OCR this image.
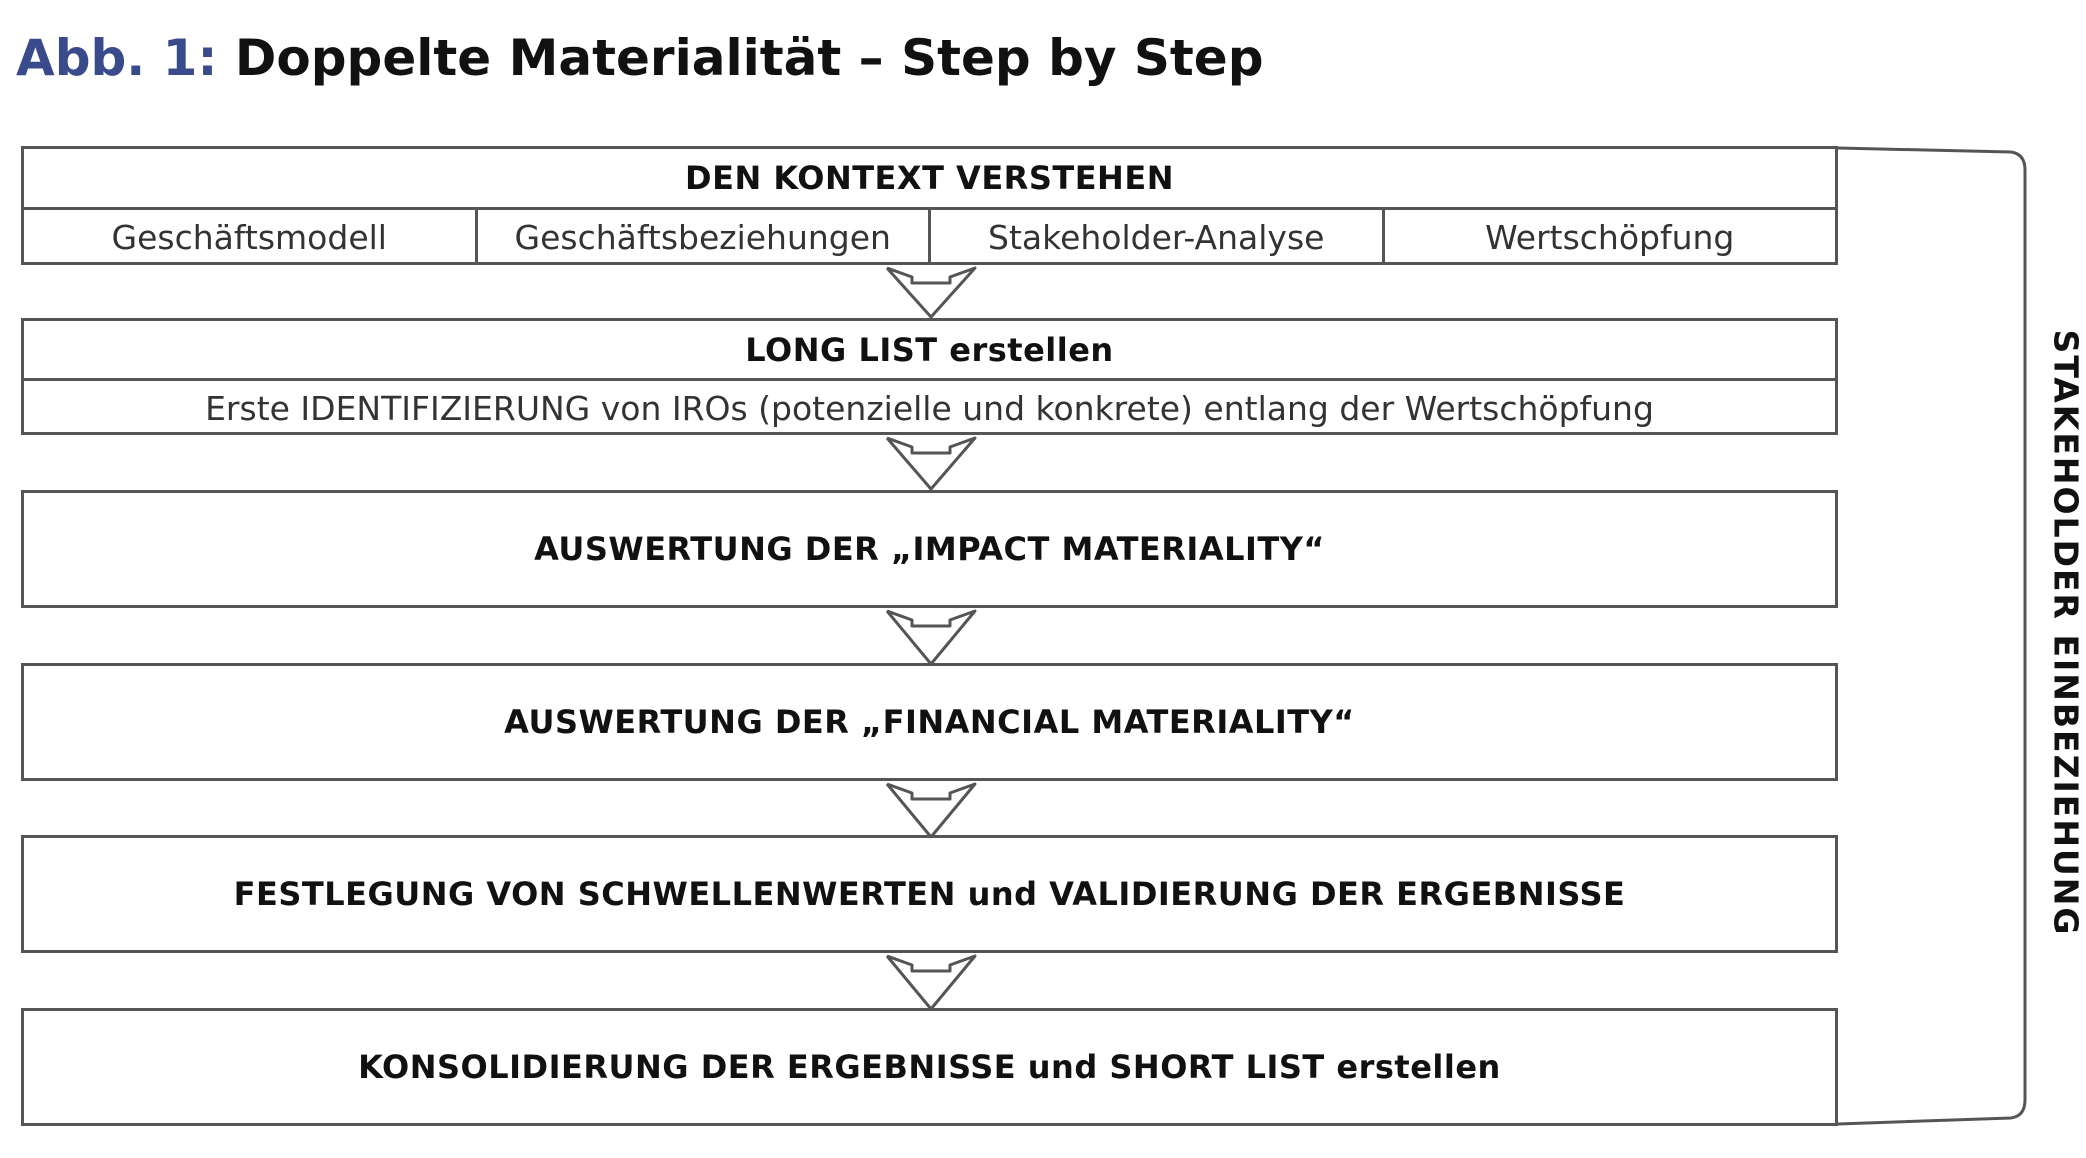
Abb. 1: Doppelte Materialität – Step by Step
DEN KONTEXT VERSTEHEN
Geschäftsmodell	Geschäftsbeziehungen	Stakeholder-Analyse	Wertschöpfung
LONG LIST erstellen
Erste IDENTIFIZIERUNG von IROs (potenzielle und konkrete) entlang der Wertschöpfung
AUSWERTUNG DER „IMPACT MATERIALITY“
AUSWERTUNG DER „FINANCIAL MATERIALITY“
FESTLEGUNG VON SCHWELLENWERTEN und VALIDIERUNG DER ERGEBNISSE
KONSOLIDIERUNG DER ERGEBNISSE und SHORT LIST erstellen
STAKEHOLDER EINBEZIEHUNG
